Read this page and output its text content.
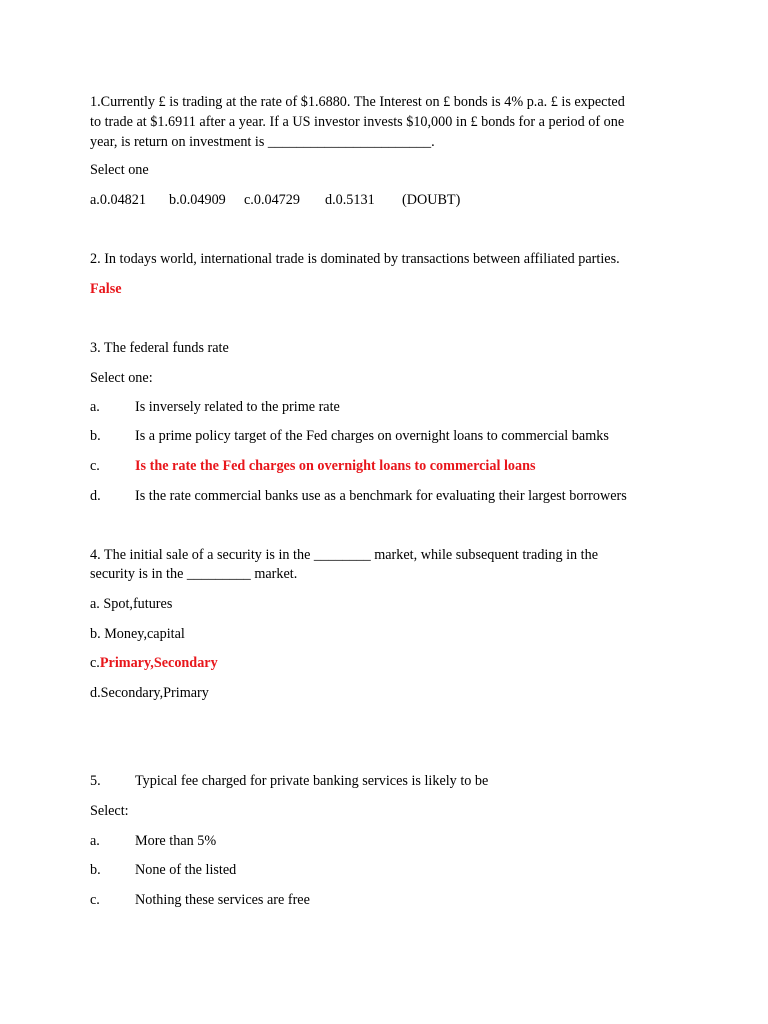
1.Currently £ is trading at the rate of $1.6880. The Interest on £ bonds is 4% p.a. £ is expected
to trade at $1.6911 after a year. If a US investor invests $10,000 in £ bonds for a period of one
year, is return on investment is _______________________.
Select one
a.0.04821 b.0.04909 c.0.04729 d.0.5131 (DOUBT)
2. In todays world, international trade is dominated by transactions between affiliated parties.
False
3. The federal funds rate
Select one:
a. Is inversely related to the prime rate
b. Is a prime policy target of the Fed charges on overnight loans to commercial bamks
c. Is the rate the Fed charges on overnight loans to commercial loans
d. Is the rate commercial banks use as a benchmark for evaluating their largest borrowers
4. The initial sale of a security is in the ________ market, while subsequent trading in the
security is in the _________ market.
a. Spot,futures
b. Money,capital
c.Primary,Secondary
d.Secondary,Primary
5. Typical fee charged for private banking services is likely to be
Select:
a. More than 5%
b. None of the listed
c. Nothing these services are free
